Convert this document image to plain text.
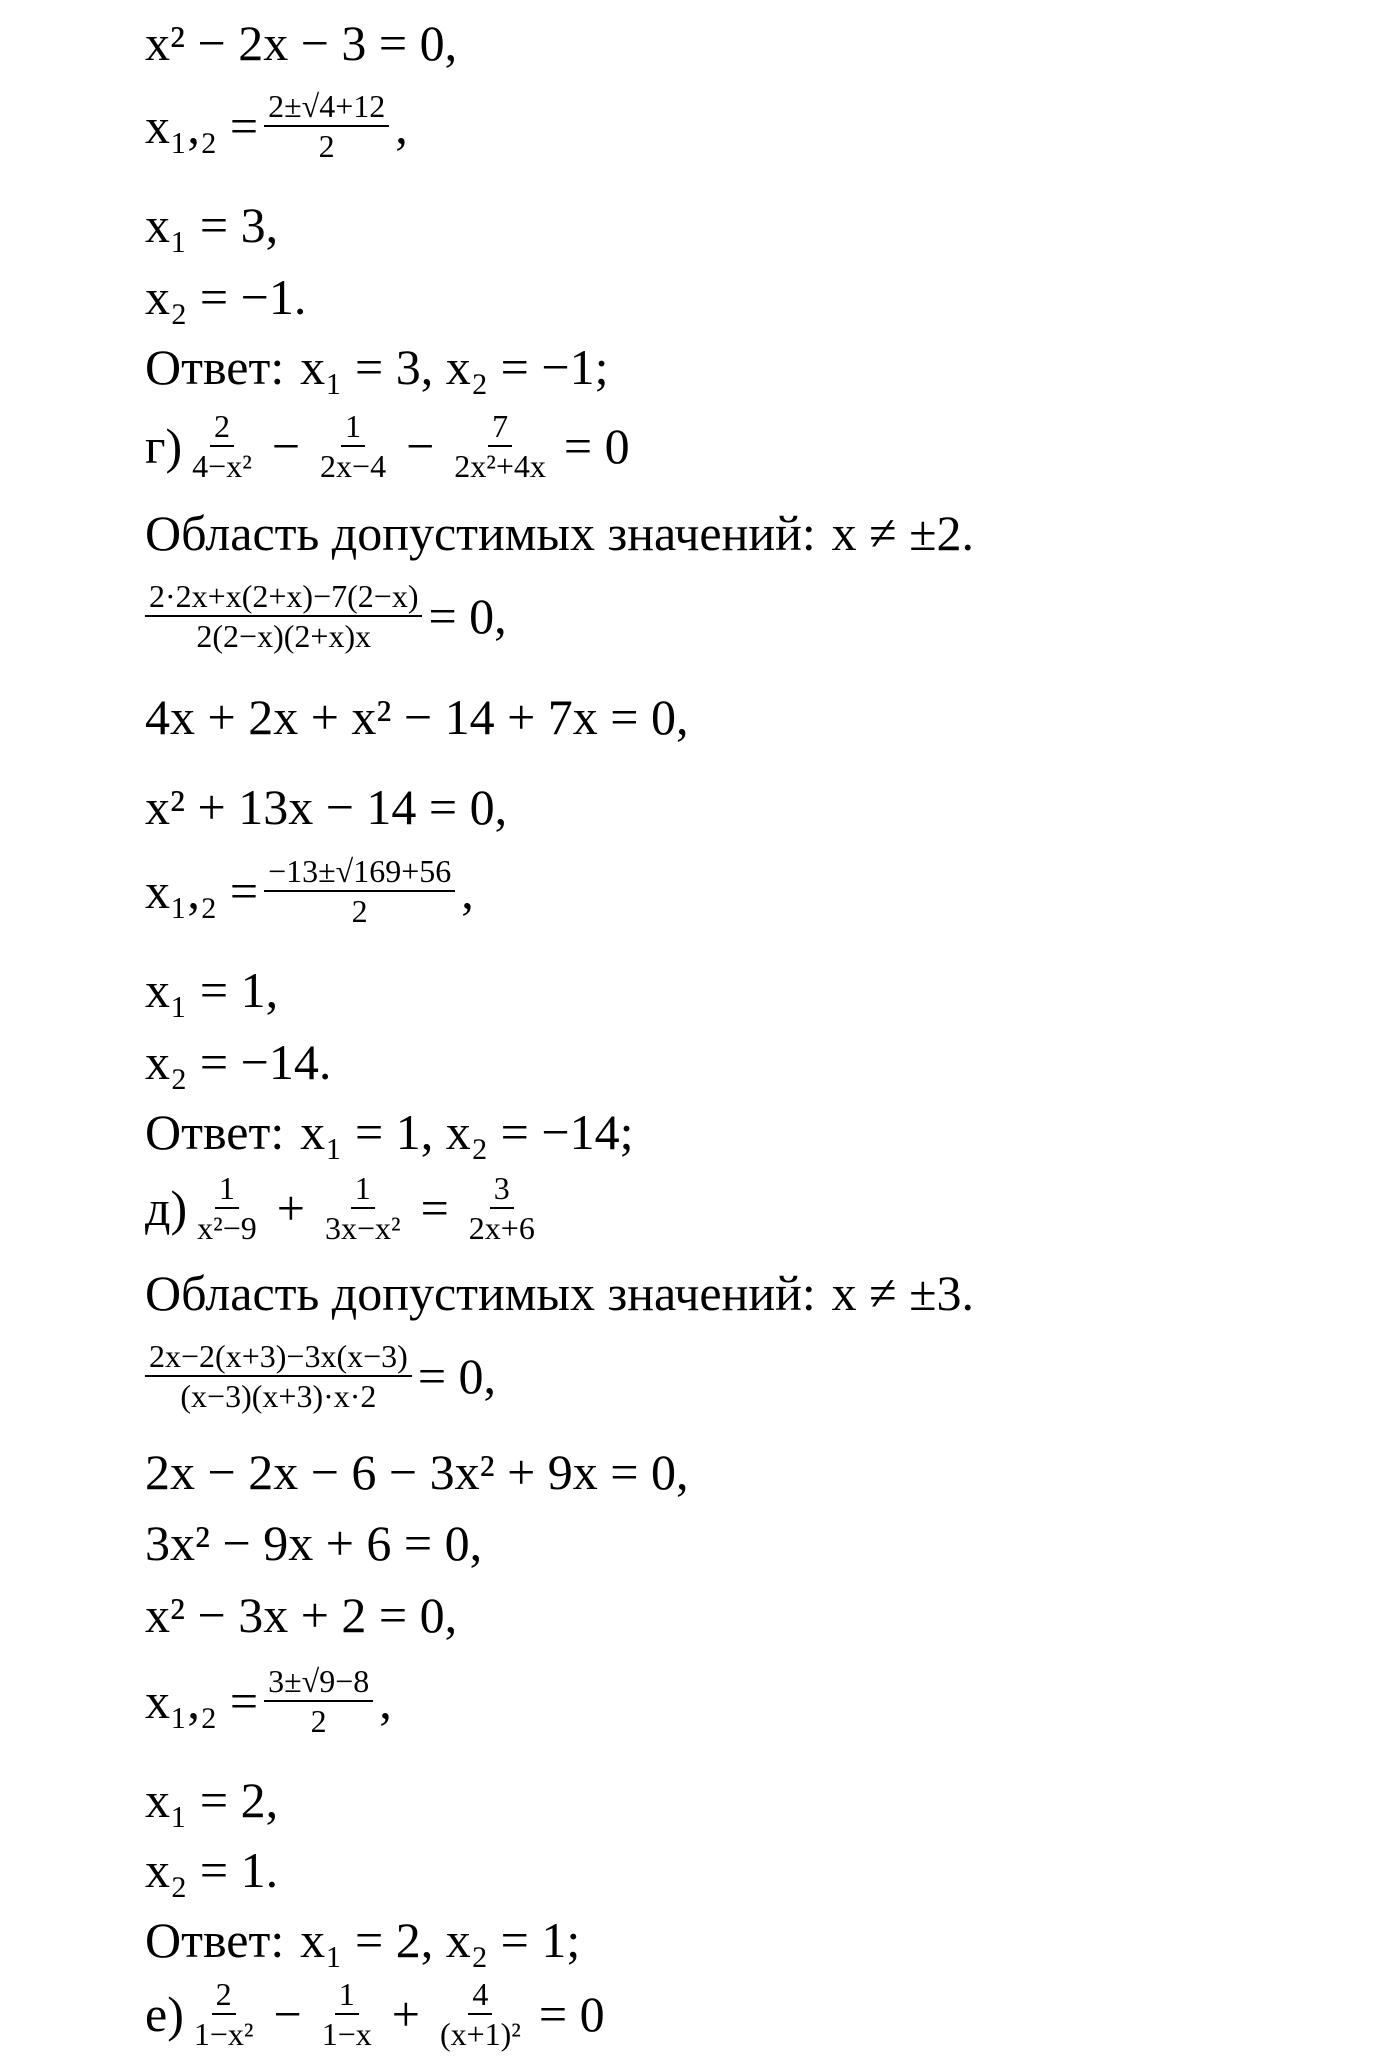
x² − 2x − 3 = 0,
$x_1,_2 = \frac{2\pm√4+12}{2}$ ,
x₁ = 3,
x₂ = −1.
Ответ:
x₁ = 3, x₂ = −1;
$г) \frac{2}{\text{4−x²}} - \frac{1}{2x-4} - \frac{7}{\text{2x²+4x}} = 0$
Область допустимых значений:
x ≠ ±2.
$\frac{2\cdot 2x+x(2+x)-7(2-x)}{2(2-x)(2+x)x} = 0$,
4x + 2x + x² − 14 + 7x = 0,
x² + 13x − 14 = 0,
$x_1,_2 = \frac{-13\pm√169+56}{2}$ ,
x₁ = 1,
x₂ = −14.
Ответ:
x₁ = 1, x₂ = −14;
$д) \frac{1}{\text{x²−9}} + \frac{1}{\text{3x−x²}} = \frac{3}{2x+6}$
Область допустимых значений:
x ≠ ±3.
$\frac{2x-2(x+3)-3x(x-3)}{(x-3)(x+3)\cdot x\cdot 2} = 0$,
2x − 2x − 6 − 3x² + 9x = 0,
3x² − 9x + 6 = 0,
x² − 3x + 2 = 0,
$x_1,_2 = \frac{3\pm√9-8}{2}$ ,
x₁ = 2,
x₂ = 1.
Ответ:
x₁ = 2, x₂ = 1;
$е) \frac{2}{\text{1−x²}} - \frac{1}{1-x} + \frac{4}{\text{(x+1)²}} = 0$
